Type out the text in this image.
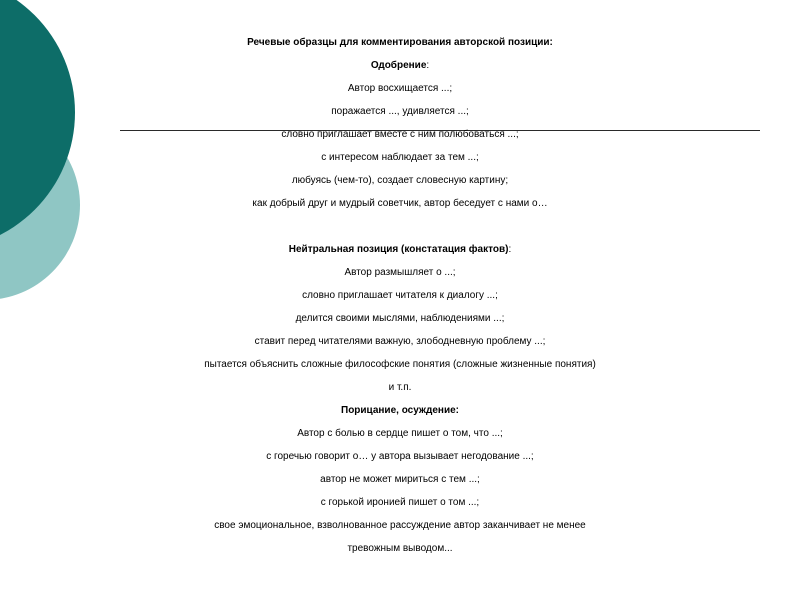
Речевые образцы для комментирования авторской позиции:
Одобрение:
Автор восхищается ...;
поражается ..., удивляется ...;
словно приглашает вместе с ним полюбоваться ...;
с интересом наблюдает за тем ...;
любуясь (чем-то), создает словесную картину;
как добрый друг и мудрый советчик, автор беседует с нами о…
Нейтральная позиция (констатация фактов):
Автор размышляет о ...;
словно приглашает читателя к диалогу ...;
делится своими мыслями, наблюдениями ...;
ставит перед читателями важную, злободневную проблему ...;
пытается объяснить сложные философские понятия (сложные жизненные понятия)
и т.п.
Порицание, осуждение:
Автор с болью в сердце пишет о том, что ...;
с горечью говорит о… у автора вызывает негодование ...;
автор не может мириться с тем ...;
с горькой иронией пишет о том ...;
свое эмоциональное, взволнованное рассуждение автор заканчивает не менее
тревожным выводом...
